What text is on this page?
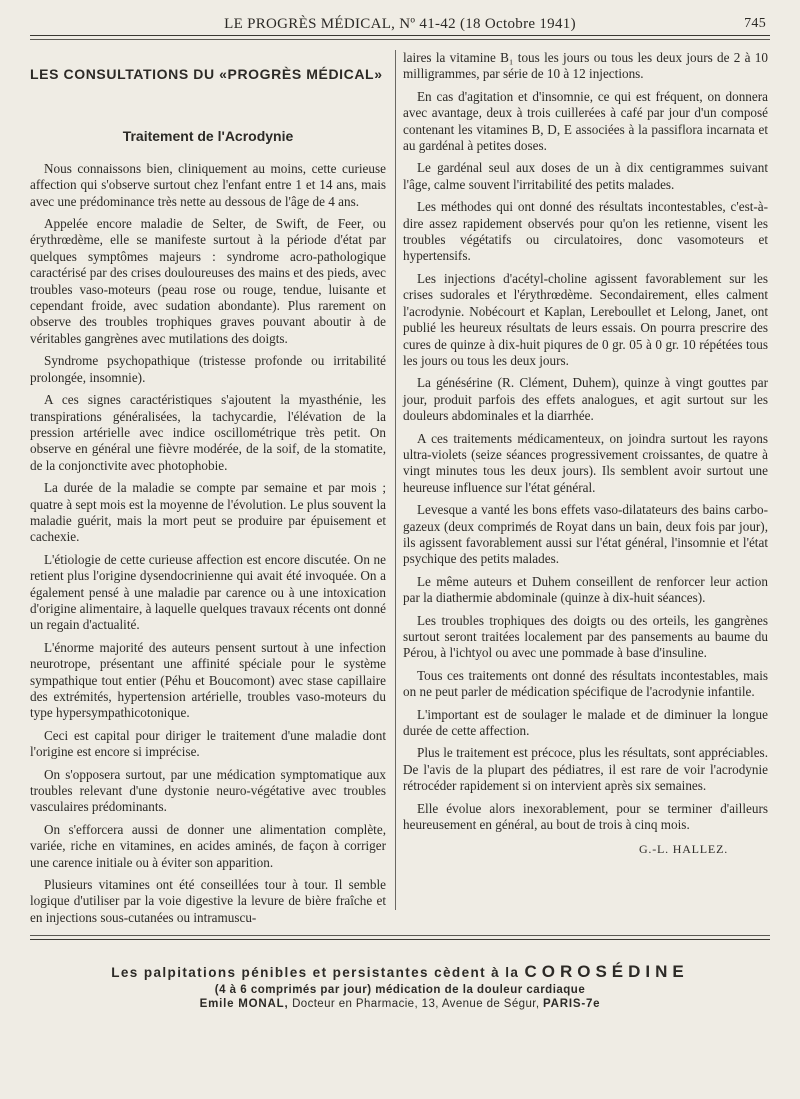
LE PROGRÈS MÉDICAL, Nº 41-42 (18 Octobre 1941)	745
LES CONSULTATIONS DU «PROGRÈS MÉDICAL»
Traitement de l'Acrodynie

Nous connaissons bien, cliniquement au moins, cette curieuse affection qui s'observe surtout chez l'enfant entre 1 et 14 ans, mais avec une prédominance très nette au dessous de l'âge de 4 ans.

Appelée encore maladie de Selter, de Swift, de Feer, ou érythrœdème, elle se manifeste surtout à la période d'état par quelques symptômes majeurs : syndrome acro-pathologique caractérisé par des crises douloureuses des mains et des pieds, avec troubles vaso-moteurs (peau rose ou rouge, tendue, luisante et cependant froide, avec sudation abondante). Plus rarement on observe des troubles trophiques graves pouvant aboutir à de véritables gangrènes avec mutilations des doigts.

Syndrome psychopathique (tristesse profonde ou irritabilité prolongée, insomnie).

A ces signes caractéristiques s'ajoutent la myasthénie, les transpirations généralisées, la tachycardie, l'élévation de la pression artérielle avec indice oscillométrique très petit. On observe en général une fièvre modérée, de la soif, de la stomatite, de la conjonctivite avec photophobie.

La durée de la maladie se compte par semaine et par mois ; quatre à sept mois est la moyenne de l'évolution. Le plus souvent la maladie guérit, mais la mort peut se produire par épuisement et cachexie.

L'étiologie de cette curieuse affection est encore discutée. On ne retient plus l'origine dysendocrinienne qui avait été invoquée. On a également pensé à une maladie par carence ou à une intoxication d'origine alimentaire, à laquelle quelques travaux récents ont donné un regain d'actualité.

L'énorme majorité des auteurs pensent surtout à une infection neurotrope, présentant une affinité spéciale pour le système sympathique tout entier (Péhu et Boucomont) avec stase capillaire des extrémités, hypertension artérielle, troubles vaso-moteurs du type hypersympathicotonique.

Ceci est capital pour diriger le traitement d'une maladie dont l'origine est encore si imprécise.

On s'opposera surtout, par une médication symptomatique aux troubles relevant d'une dystonie neuro-végétative avec troubles vasculaires prédominants.

On s'efforcera aussi de donner une alimentation complète, variée, riche en vitamines, en acides aminés, de façon à corriger une carence initiale ou à éviter son apparition.

Plusieurs vitamines ont été conseillées tour à tour. Il semble logique d'utiliser par la voie digestive la levure de bière fraîche et en injections sous-cutanées ou intramuscu-

laires la vitamine B₁ tous les jours ou tous les deux jours de 2 à 10 milligrammes, par série de 10 à 12 injections.

En cas d'agitation et d'insomnie, ce qui est fréquent, on donnera avec avantage, deux à trois cuillerées à café par jour d'un composé contenant les vitamines B, D, E associées à la passiflora incarnata et au gardénal à petites doses.

Le gardénal seul aux doses de un à dix centigrammes suivant l'âge, calme souvent l'irritabilité des petits malades.

Les méthodes qui ont donné des résultats incontestables, c'est-à-dire assez rapidement observés pour qu'on les retienne, visent les troubles végétatifs ou circulatoires, donc vasomoteurs et hypertensifs.

Les injections d'acétyl-choline agissent favorablement sur les crises sudorales et l'érythrœdème. Secondairement, elles calment l'acrodynie. Nobécourt et Kaplan, Lereboullet et Lelong, Janet, ont publié les heureux résultats de leurs essais. On pourra prescrire des cures de quinze à dix-huit piqures de 0 gr. 05 à 0 gr. 10 répétées tous les jours ou tous les deux jours.

La génésérine (R. Clément, Duhem), quinze à vingt gouttes par jour, produit parfois des effets analogues, et agit surtout sur les douleurs abdominales et la diarrhée.

A ces traitements médicamenteux, on joindra surtout les rayons ultra-violets (seize séances progressivement croissantes, de quatre à vingt minutes tous les deux jours). Ils semblent avoir surtout une heureuse influence sur l'état général.

Levesque a vanté les bons effets vaso-dilatateurs des bains carbo-gazeux (deux comprimés de Royat dans un bain, deux fois par jour), ils agissent favorablement aussi sur l'état général, l'insomnie et l'état psychique des petits malades.

Le même auteurs et Duhem conseillent de renforcer leur action par la diathermie abdominale (quinze à dix-huit séances).

Les troubles trophiques des doigts ou des orteils, les gangrènes surtout seront traitées localement par des pansements au baume du Pérou, à l'ichtyol ou avec une pommade à base d'insuline.

Tous ces traitements ont donné des résultats incontestables, mais on ne peut parler de médication spécifique de l'acrodynie infantile.

L'important est de soulager le malade et de diminuer la longue durée de cette affection.

Plus le traitement est précoce, plus les résultats, sont appréciables. De l'avis de la plupart des pédiatres, il est rare de voir l'acrodynie rétrocéder rapidement si on intervient après six semaines.

Elle évolue alors inexorablement, pour se terminer d'ailleurs heureusement en général, au bout de trois à cinq mois.

G.-L. HALLEZ.
Les palpitations pénibles et persistantes cèdent à la COROSÉDINE
(4 à 6 comprimés par jour) médication de la douleur cardiaque
Emile MONAL, Docteur en Pharmacie, 13, Avenue de Ségur, PARIS-7e
